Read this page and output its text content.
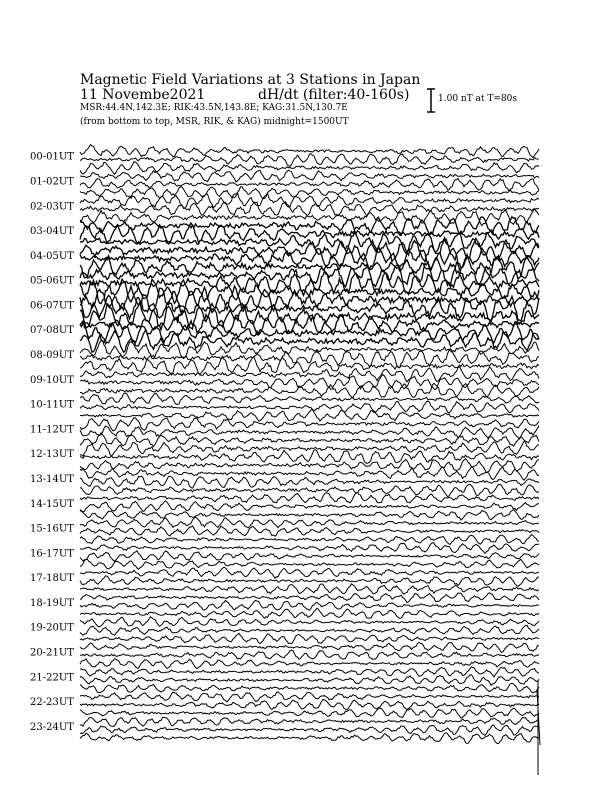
Magnetic Field Variations at 3 Stations in Japan
11 Novembe2021	dH/dt (filter:40-160s)
MSR:44.4N,142.3E; RIK:43.5N,143.8E; KAG:31.5N,130.7E
(from bottom to top, MSR, RIK, & KAG) midnight=1500UT
1.00 nT at T=80s
00-01UT
01-02UT
02-03UT
03-04UT
04-05UT
05-06UT
06-07UT
07-08UT
08-09UT
09-10UT
10-11UT
11-12UT
12-13UT
13-14UT
14-15UT
15-16UT
16-17UT
17-18UT
18-19UT
19-20UT
20-21UT
21-22UT
22-23UT
23-24UT
